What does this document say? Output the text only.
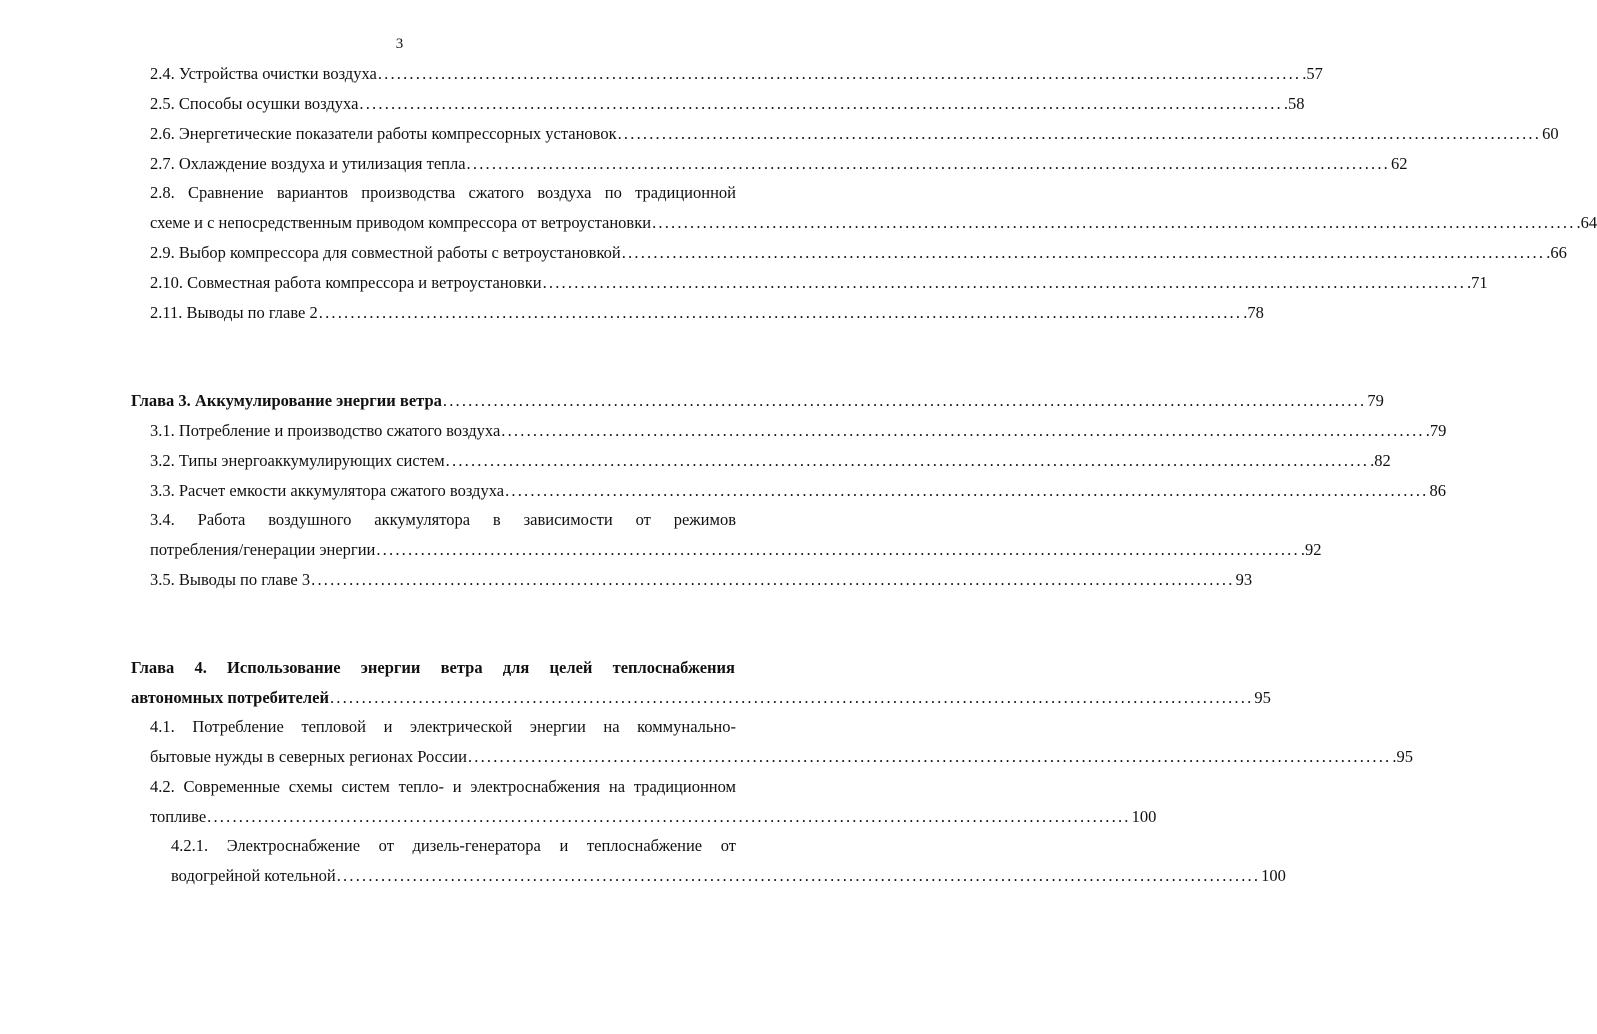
3
2.4. Устройства очистки воздуха .................................................................................................................................................. .57
2.5. Способы осушки воздуха .................................................................................................................................................. .58
2.6. Энергетические показатели работы компрессорных установок .................................................................................................................................................. 60
2.7. Охлаждение воздуха и утилизация тепла .................................................................................................................................................. 62
2.8. Сравнение вариантов производства сжатого воздуха по традиционной
схеме и с непосредственным приводом компрессора от ветроустановки .................................................................................................................................................. .64
2.9. Выбор компрессора для совместной работы с ветроустановкой .................................................................................................................................................. .66
2.10. Совместная работа компрессора и ветроустановки .................................................................................................................................................. .71
2.11. Выводы по главе 2 .................................................................................................................................................. .78
Глава 3. Аккумулирование энергии ветра .................................................................................................................................................. 79
3.1. Потребление и производство сжатого воздуха .................................................................................................................................................. .79
3.2. Типы энергоаккумулирующих систем .................................................................................................................................................. .82
3.3. Расчет емкости аккумулятора сжатого воздуха .................................................................................................................................................. 86
3.4. Работа воздушного аккумулятора в зависимости от режимов
потребления/генерации энергии .................................................................................................................................................. .92
3.5. Выводы по главе 3 .................................................................................................................................................. 93
Глава 4. Использование энергии ветра для целей теплоснабжения
автономных потребителей .................................................................................................................................................. 95
4.1. Потребление тепловой и электрической энергии на коммунально-
бытовые нужды в северных регионах России .................................................................................................................................................. .95
4.2. Современные схемы систем тепло- и электроснабжения на традиционном
топливе .................................................................................................................................................. 100
4.2.1. Электроснабжение от дизель-генератора и теплоснабжение от
водогрейной котельной .................................................................................................................................................. 100
